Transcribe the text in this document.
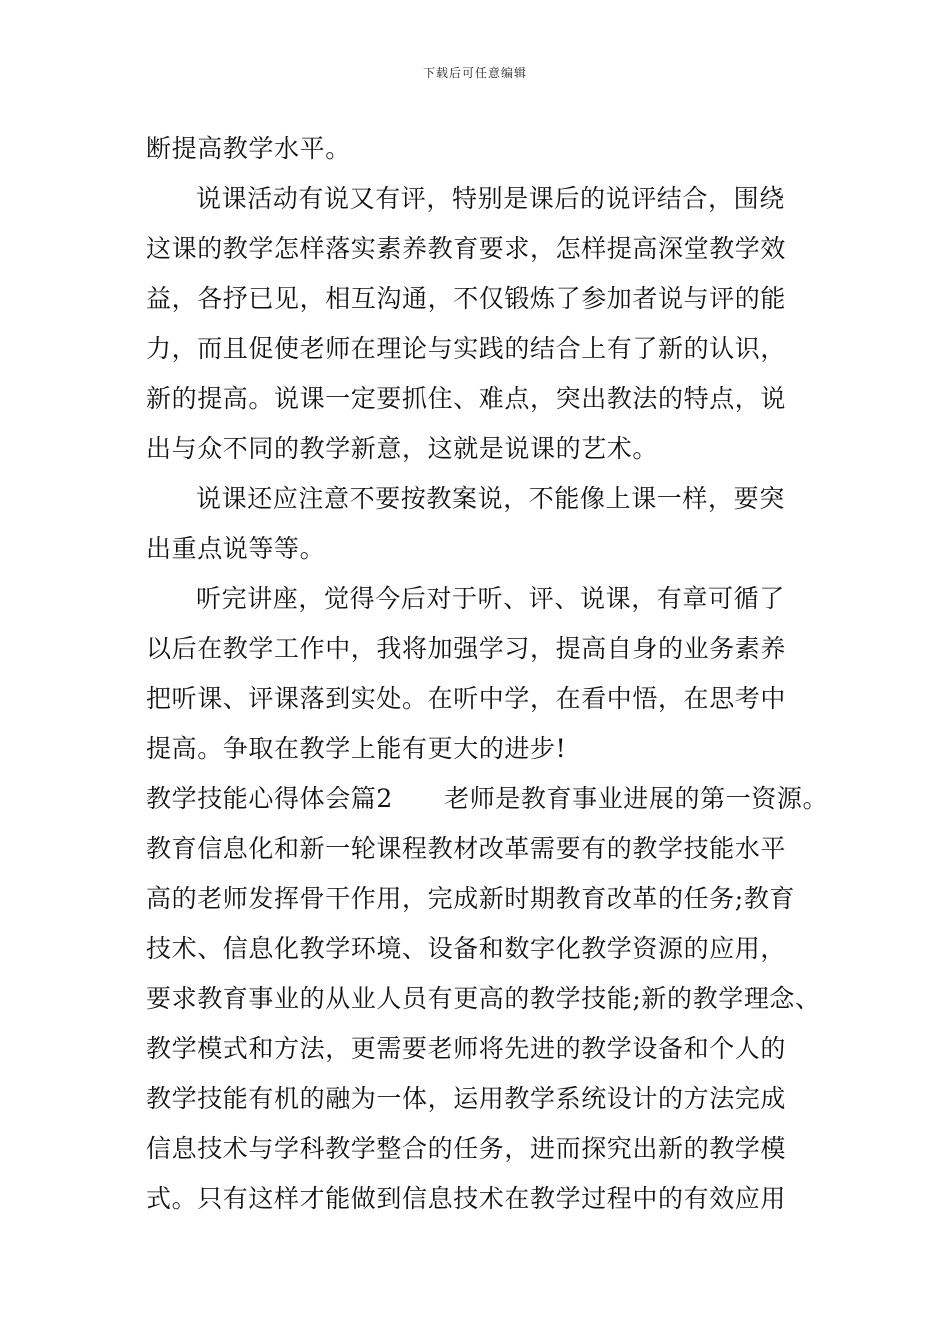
下载后可任意编辑
断提高教学水平。
说课活动有说又有评，特别是课后的说评结合，围绕
这课的教学怎样落实素养教育要求，怎样提高深堂教学效
益，各抒已见，相互沟通，不仅锻炼了参加者说与评的能
力，而且促使老师在理论与实践的结合上有了新的认识，
新的提高。说课一定要抓住、难点，突出教法的特点，说
出与众不同的教学新意，这就是说课的艺术。
说课还应注意不要按教案说，不能像上课一样，要突
出重点说等等。
听完讲座，觉得今后对于听、评、说课，有章可循了
以后在教学工作中，我将加强学习，提高自身的业务素养
把听课、评课落到实处。在听中学，在看中悟，在思考中
提高。争取在教学上能有更大的进步!
教学技能心得体会篇2　　老师是教育事业进展的第一资源。
教育信息化和新一轮课程教材改革需要有的教学技能水平
高的老师发挥骨干作用，完成新时期教育改革的任务;教育
技术、信息化教学环境、设备和数字化教学资源的应用，
要求教育事业的从业人员有更高的教学技能;新的教学理念、
教学模式和方法，更需要老师将先进的教学设备和个人的
教学技能有机的融为一体，运用教学系统设计的方法完成
信息技术与学科教学整合的任务，进而探究出新的教学模
式。只有这样才能做到信息技术在教学过程中的有效应用
